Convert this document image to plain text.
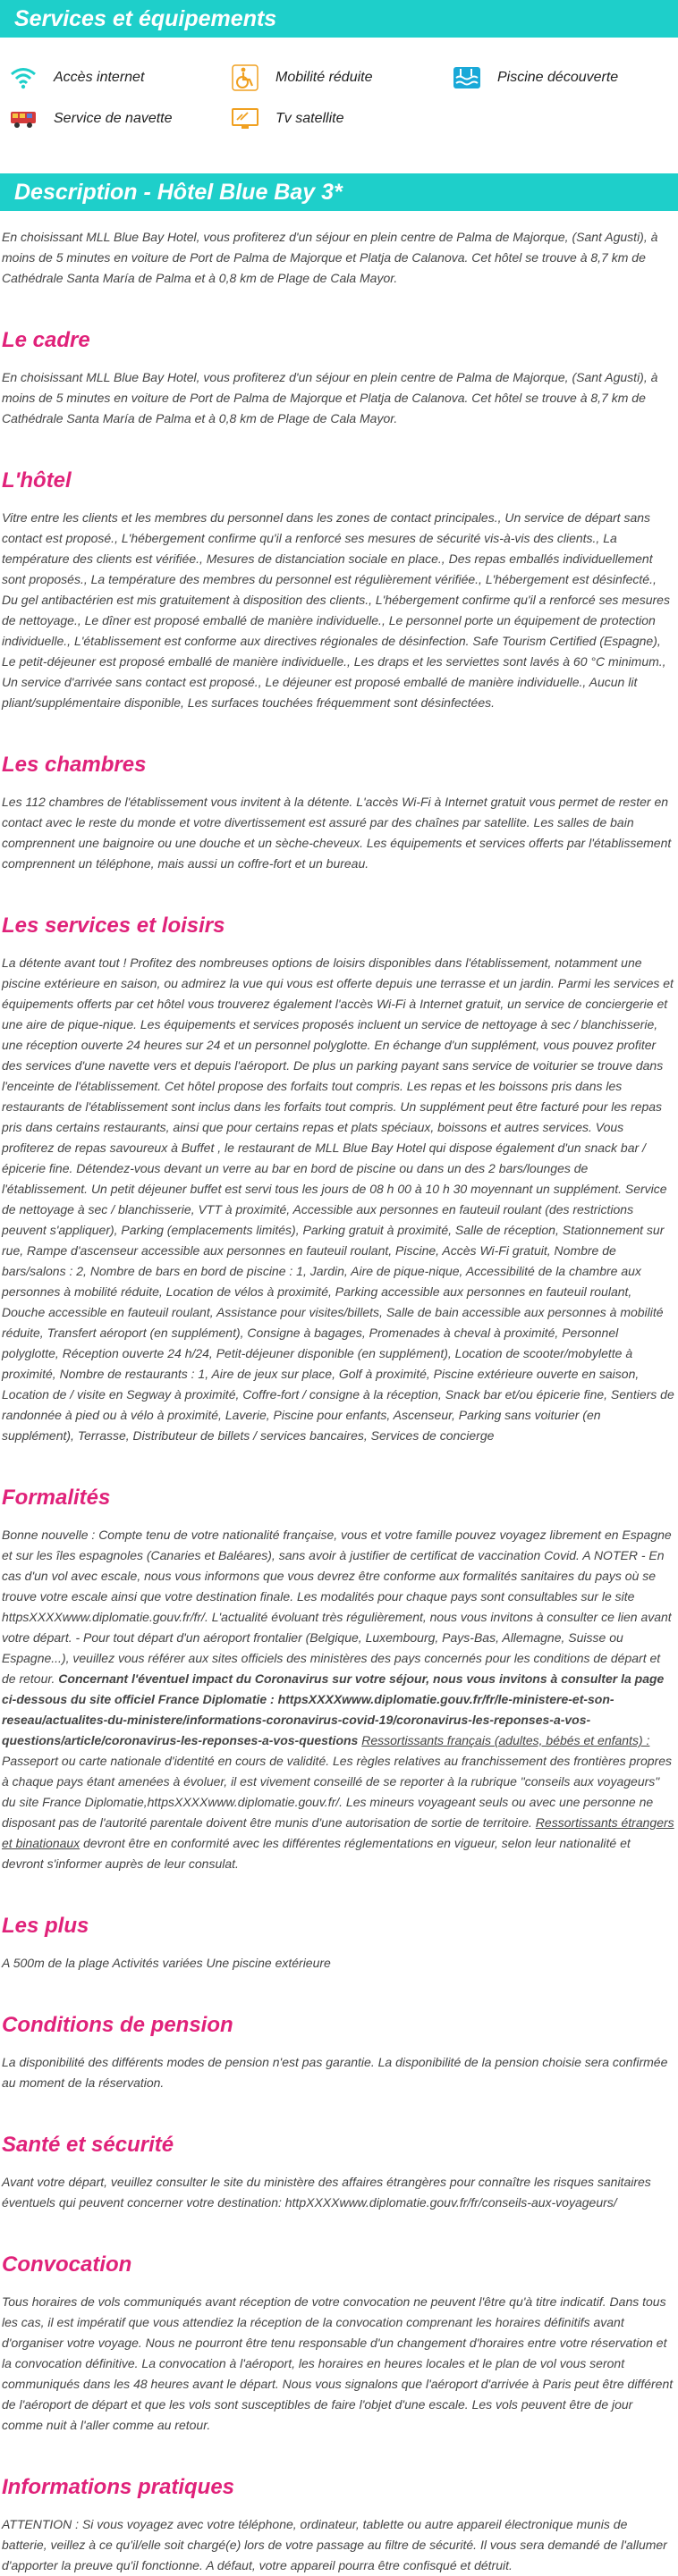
Services et équipements
Accès internet	Mobilité réduite	Piscine découverte
Service de navette	Tv satellite
Description - Hôtel Blue Bay 3*

En choisissant MLL Blue Bay Hotel, vous profiterez d'un séjour en plein centre de Palma de Majorque, (Sant Agusti), à moins de 5 minutes en voiture de Port de Palma de Majorque et Platja de Calanova. Cet hôtel se trouve à 8,7 km de Cathédrale Santa María de Palma et à 0,8 km de Plage de Cala Mayor.

Le cadre

En choisissant MLL Blue Bay Hotel, vous profiterez d'un séjour en plein centre de Palma de Majorque, (Sant Agusti), à moins de 5 minutes en voiture de Port de Palma de Majorque et Platja de Calanova. Cet hôtel se trouve à 8,7 km de Cathédrale Santa María de Palma et à 0,8 km de Plage de Cala Mayor.

L'hôtel

Vitre entre les clients et les membres du personnel dans les zones de contact principales., Un service de départ sans contact est proposé., L'hébergement confirme qu'il a renforcé ses mesures de sécurité vis-à-vis des clients., La température des clients est vérifiée., Mesures de distanciation sociale en place., Des repas emballés individuellement sont proposés., La température des membres du personnel est régulièrement vérifiée., L'hébergement est désinfecté., Du gel antibactérien est mis gratuitement à disposition des clients., L'hébergement confirme qu'il a renforcé ses mesures de nettoyage., Le dîner est proposé emballé de manière individuelle., Le personnel porte un équipement de protection individuelle., L'établissement est conforme aux directives régionales de désinfection. Safe Tourism Certified (Espagne), Le petit-déjeuner est proposé emballé de manière individuelle., Les draps et les serviettes sont lavés à 60 °C minimum., Un service d'arrivée sans contact est proposé., Le déjeuner est proposé emballé de manière individuelle., Aucun lit pliant/supplémentaire disponible, Les surfaces touchées fréquemment sont désinfectées.

Les chambres

Les 112 chambres de l'établissement vous invitent à la détente. L'accès Wi-Fi à Internet gratuit vous permet de rester en contact avec le reste du monde et votre divertissement est assuré par des chaînes par satellite. Les salles de bain comprennent une baignoire ou une douche et un sèche-cheveux. Les équipements et services offerts par l'établissement comprennent un téléphone, mais aussi un coffre-fort et un bureau.

Les services et loisirs

La détente avant tout ! Profitez des nombreuses options de loisirs disponibles dans l'établissement, notamment une piscine extérieure en saison, ou admirez la vue qui vous est offerte depuis une terrasse et un jardin. Parmi les services et équipements offerts par cet hôtel vous trouverez également l'accès Wi-Fi à Internet gratuit, un service de conciergerie et une aire de pique-nique. Les équipements et services proposés incluent un service de nettoyage à sec / blanchisserie, une réception ouverte 24 heures sur 24 et un personnel polyglotte. En échange d'un supplément, vous pouvez profiter des services d'une navette vers et depuis l'aéroport. De plus un parking payant sans service de voiturier se trouve dans l'enceinte de l'établissement. Cet hôtel propose des forfaits tout compris. Les repas et les boissons pris dans les restaurants de l'établissement sont inclus dans les forfaits tout compris. Un supplément peut être facturé pour les repas pris dans certains restaurants, ainsi que pour certains repas et plats spéciaux, boissons et autres services. Vous profiterez de repas savoureux à Buffet , le restaurant de MLL Blue Bay Hotel qui dispose également d'un snack bar / épicerie fine. Détendez-vous devant un verre au bar en bord de piscine ou dans un des 2 bars/lounges de l'établissement. Un petit déjeuner buffet est servi tous les jours de 08 h 00 à 10 h 30 moyennant un supplément. Service de nettoyage à sec / blanchisserie, VTT à proximité, Accessible aux personnes en fauteuil roulant (des restrictions peuvent s'appliquer), Parking (emplacements limités), Parking gratuit à proximité, Salle de réception, Stationnement sur rue, Rampe d'ascenseur accessible aux personnes en fauteuil roulant, Piscine, Accès Wi-Fi gratuit, Nombre de bars/salons : 2, Nombre de bars en bord de piscine : 1, Jardin, Aire de pique-nique, Accessibilité de la chambre aux personnes à mobilité réduite, Location de vélos à proximité, Parking accessible aux personnes en fauteuil roulant, Douche accessible en fauteuil roulant, Assistance pour visites/billets, Salle de bain accessible aux personnes à mobilité réduite, Transfert aéroport (en supplément), Consigne à bagages, Promenades à cheval à proximité, Personnel polyglotte, Réception ouverte 24 h/24, Petit-déjeuner disponible (en supplément), Location de scooter/mobylette à proximité, Nombre de restaurants : 1, Aire de jeux sur place, Golf à proximité, Piscine extérieure ouverte en saison, Location de / visite en Segway à proximité, Coffre-fort / consigne à la réception, Snack bar et/ou épicerie fine, Sentiers de randonnée à pied ou à vélo à proximité, Laverie, Piscine pour enfants, Ascenseur, Parking sans voiturier (en supplément), Terrasse, Distributeur de billets / services bancaires, Services de concierge

Formalités

Bonne nouvelle : Compte tenu de votre nationalité française, vous et votre famille pouvez voyagez librement en Espagne et sur les îles espagnoles (Canaries et Baléares), sans avoir à justifier de certificat de vaccination Covid. A NOTER - En cas d'un vol avec escale, nous vous informons que vous devrez être conforme aux formalités sanitaires du pays où se trouve votre escale ainsi que votre destination finale. Les modalités pour chaque pays sont consultables sur le site httpsXXXXwww.diplomatie.gouv.fr/fr/. L'actualité évoluant très régulièrement, nous vous invitons à consulter ce lien avant votre départ. - Pour tout départ d'un aéroport frontalier (Belgique, Luxembourg, Pays-Bas, Allemagne, Suisse ou Espagne...), veuillez vous référer aux sites officiels des ministères des pays concernés pour les conditions de départ et de retour. Concernant l'éventuel impact du Coronavirus sur votre séjour, nous vous invitons à consulter la page ci-dessous du site officiel France Diplomatie : httpsXXXXwww.diplomatie.gouv.fr/fr/le-ministere-et-son-reseau/actualites-du-ministere/informations-coronavirus-covid-19/coronavirus-les-reponses-a-vos-questions/article/coronavirus-les-reponses-a-vos-questions Ressortissants français (adultes, bébés et enfants) : Passeport ou carte nationale d'identité en cours de validité. Les règles relatives au franchissement des frontières propres à chaque pays étant amenées à évoluer, il est vivement conseillé de se reporter à la rubrique "conseils aux voyageurs" du site France Diplomatie,httpsXXXXwww.diplomatie.gouv.fr/. Les mineurs voyageant seuls ou avec une personne ne disposant pas de l'autorité parentale doivent être munis d'une autorisation de sortie de territoire. Ressortissants étrangers et binationaux devront être en conformité avec les différentes réglementations en vigueur, selon leur nationalité et devront s'informer auprès de leur consulat.

Les plus

A 500m de la plage Activités variées Une piscine extérieure

Conditions de pension

La disponibilité des différents modes de pension n'est pas garantie. La disponibilité de la pension choisie sera confirmée au moment de la réservation.

Santé et sécurité

Avant votre départ, veuillez consulter le site du ministère des affaires étrangères pour connaître les risques sanitaires éventuels qui peuvent concerner votre destination: httpXXXXwww.diplomatie.gouv.fr/fr/conseils-aux-voyageurs/

Convocation

Tous horaires de vols communiqués avant réception de votre convocation ne peuvent l'être qu'à titre indicatif. Dans tous les cas, il est impératif que vous attendiez la réception de la convocation comprenant les horaires définitifs avant d'organiser votre voyage. Nous ne pourront être tenu responsable d'un changement d'horaires entre votre réservation et la convocation définitive. La convocation à l'aéroport, les horaires en heures locales et le plan de vol vous seront communiqués dans les 48 heures avant le départ. Nous vous signalons que l'aéroport d'arrivée à Paris peut être différent de l'aéroport de départ et que les vols sont susceptibles de faire l'objet d'une escale. Les vols peuvent être de jour comme nuit à l'aller comme au retour.

Informations pratiques

ATTENTION : Si vous voyagez avec votre téléphone, ordinateur, tablette ou autre appareil électronique munis de batterie, veillez à ce qu'il/elle soit chargé(e) lors de votre passage au filtre de sécurité. Il vous sera demandé de l'allumer d'apporter la preuve qu'il fonctionne. A défaut, votre appareil pourra être confisqué et détruit.
